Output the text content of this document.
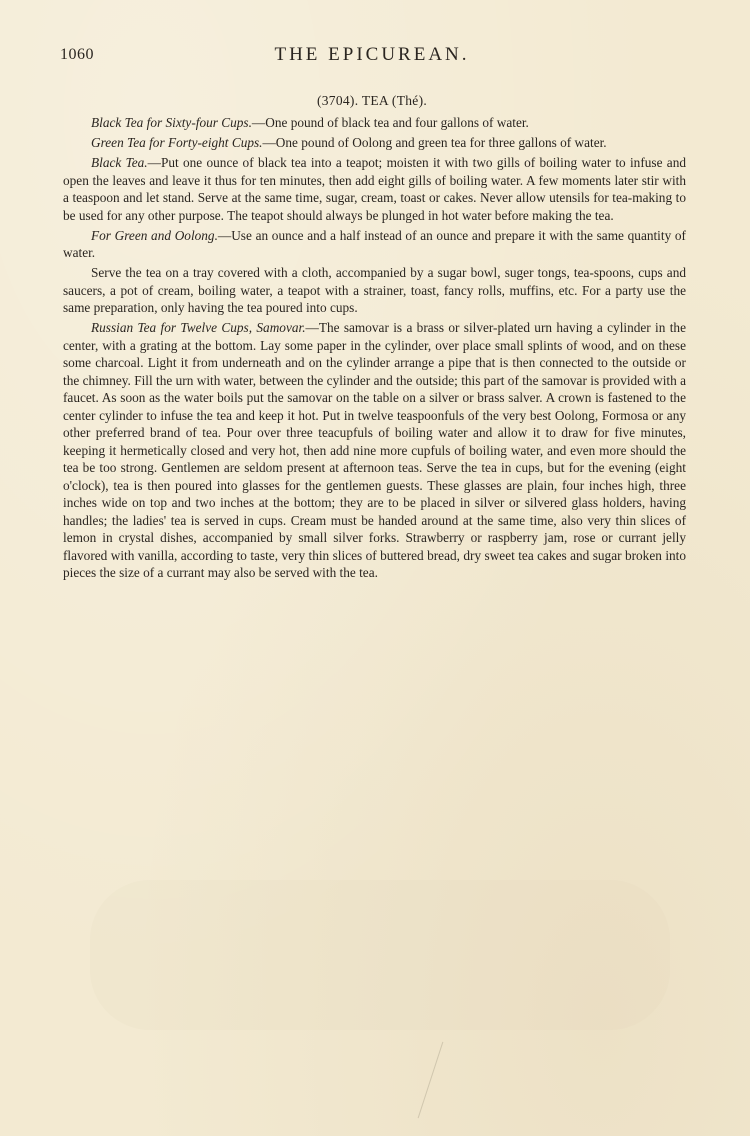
1060	THE EPICUREAN.
(3704). TEA (Thé).

Black Tea for Sixty-four Cups.—One pound of black tea and four gallons of water.

Green Tea for Forty-eight Cups.—One pound of Oolong and green tea for three gallons of water.

Black Tea.—Put one ounce of black tea into a teapot; moisten it with two gills of boiling water to infuse and open the leaves and leave it thus for ten minutes, then add eight gills of boiling water. A few moments later stir with a teaspoon and let stand. Serve at the same time, sugar, cream, toast or cakes. Never allow utensils for tea-making to be used for any other purpose. The teapot should always be plunged in hot water before making the tea.

For Green and Oolong.—Use an ounce and a half instead of an ounce and prepare it with the same quantity of water.

Serve the tea on a tray covered with a cloth, accompanied by a sugar bowl, suger tongs, tea-spoons, cups and saucers, a pot of cream, boiling water, a teapot with a strainer, toast, fancy rolls, muffins, etc. For a party use the same preparation, only having the tea poured into cups.

Russian Tea for Twelve Cups, Samovar.—The samovar is a brass or silver-plated urn having a cylinder in the center, with a grating at the bottom. Lay some paper in the cylinder, over place small splints of wood, and on these some charcoal. Light it from underneath and on the cylinder arrange a pipe that is then connected to the outside or the chimney. Fill the urn with water, between the cylinder and the outside; this part of the samovar is provided with a faucet. As soon as the water boils put the samovar on the table on a silver or brass salver. A crown is fastened to the center cylinder to infuse the tea and keep it hot. Put in twelve teaspoonfuls of the very best Oolong, Formosa or any other preferred brand of tea. Pour over three teacupfuls of boiling water and allow it to draw for five minutes, keeping it hermetically closed and very hot, then add nine more cupfuls of boiling water, and even more should the tea be too strong. Gentlemen are seldom present at afternoon teas. Serve the tea in cups, but for the evening (eight o'clock), tea is then poured into glasses for the gentlemen guests. These glasses are plain, four inches high, three inches wide on top and two inches at the bottom; they are to be placed in silver or silvered glass holders, having handles; the ladies' tea is served in cups. Cream must be handed around at the same time, also very thin slices of lemon in crystal dishes, accompanied by small silver forks. Strawberry or raspberry jam, rose or currant jelly flavored with vanilla, according to taste, very thin slices of buttered bread, dry sweet tea cakes and sugar broken into pieces the size of a currant may also be served with the tea.
